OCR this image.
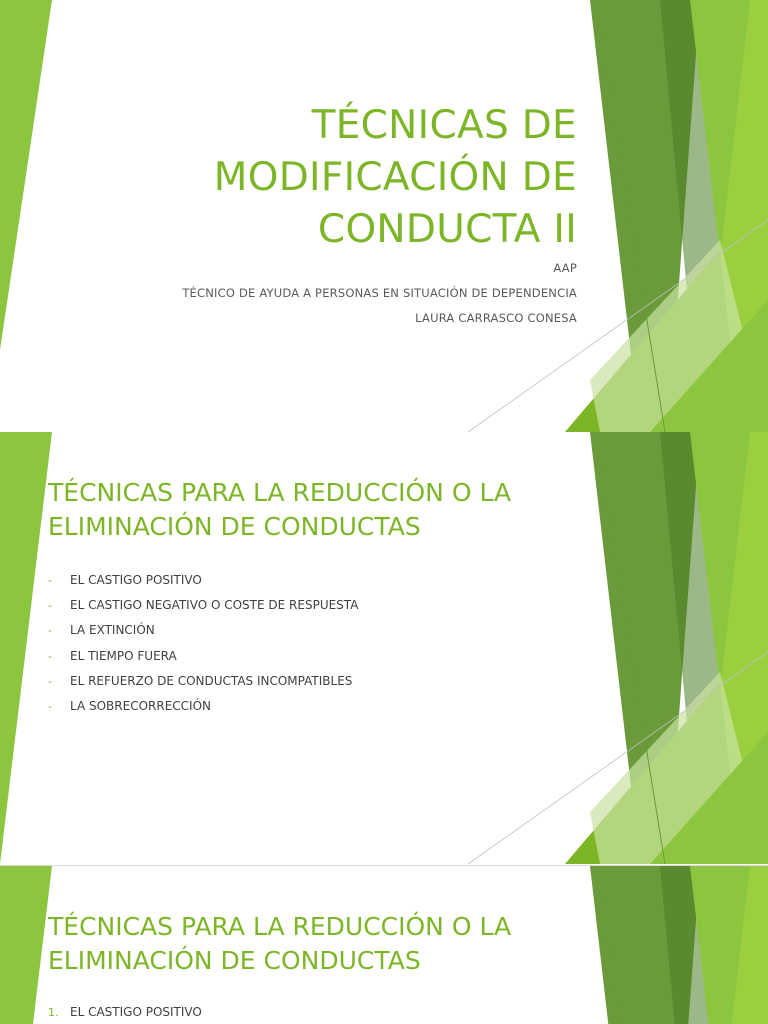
TÉCNICAS DE
MODIFICACIÓN DE
CONDUCTA II
AAP
TÉCNICO DE AYUDA A PERSONAS EN SITUACIÓN DE DEPENDENCIA
LAURA CARRASCO CONESA
TÉCNICAS PARA LA REDUCCIÓN O LA
ELIMINACIÓN DE CONDUCTAS
- EL CASTIGO POSITIVO
- EL CASTIGO NEGATIVO O COSTE DE RESPUESTA
- LA EXTINCIÓN
- EL TIEMPO FUERA
- EL REFUERZO DE CONDUCTAS INCOMPATIBLES
- LA SOBRECORRECCIÓN
TÉCNICAS PARA LA REDUCCIÓN O LA
ELIMINACIÓN DE CONDUCTAS
1. EL CASTIGO POSITIVO
